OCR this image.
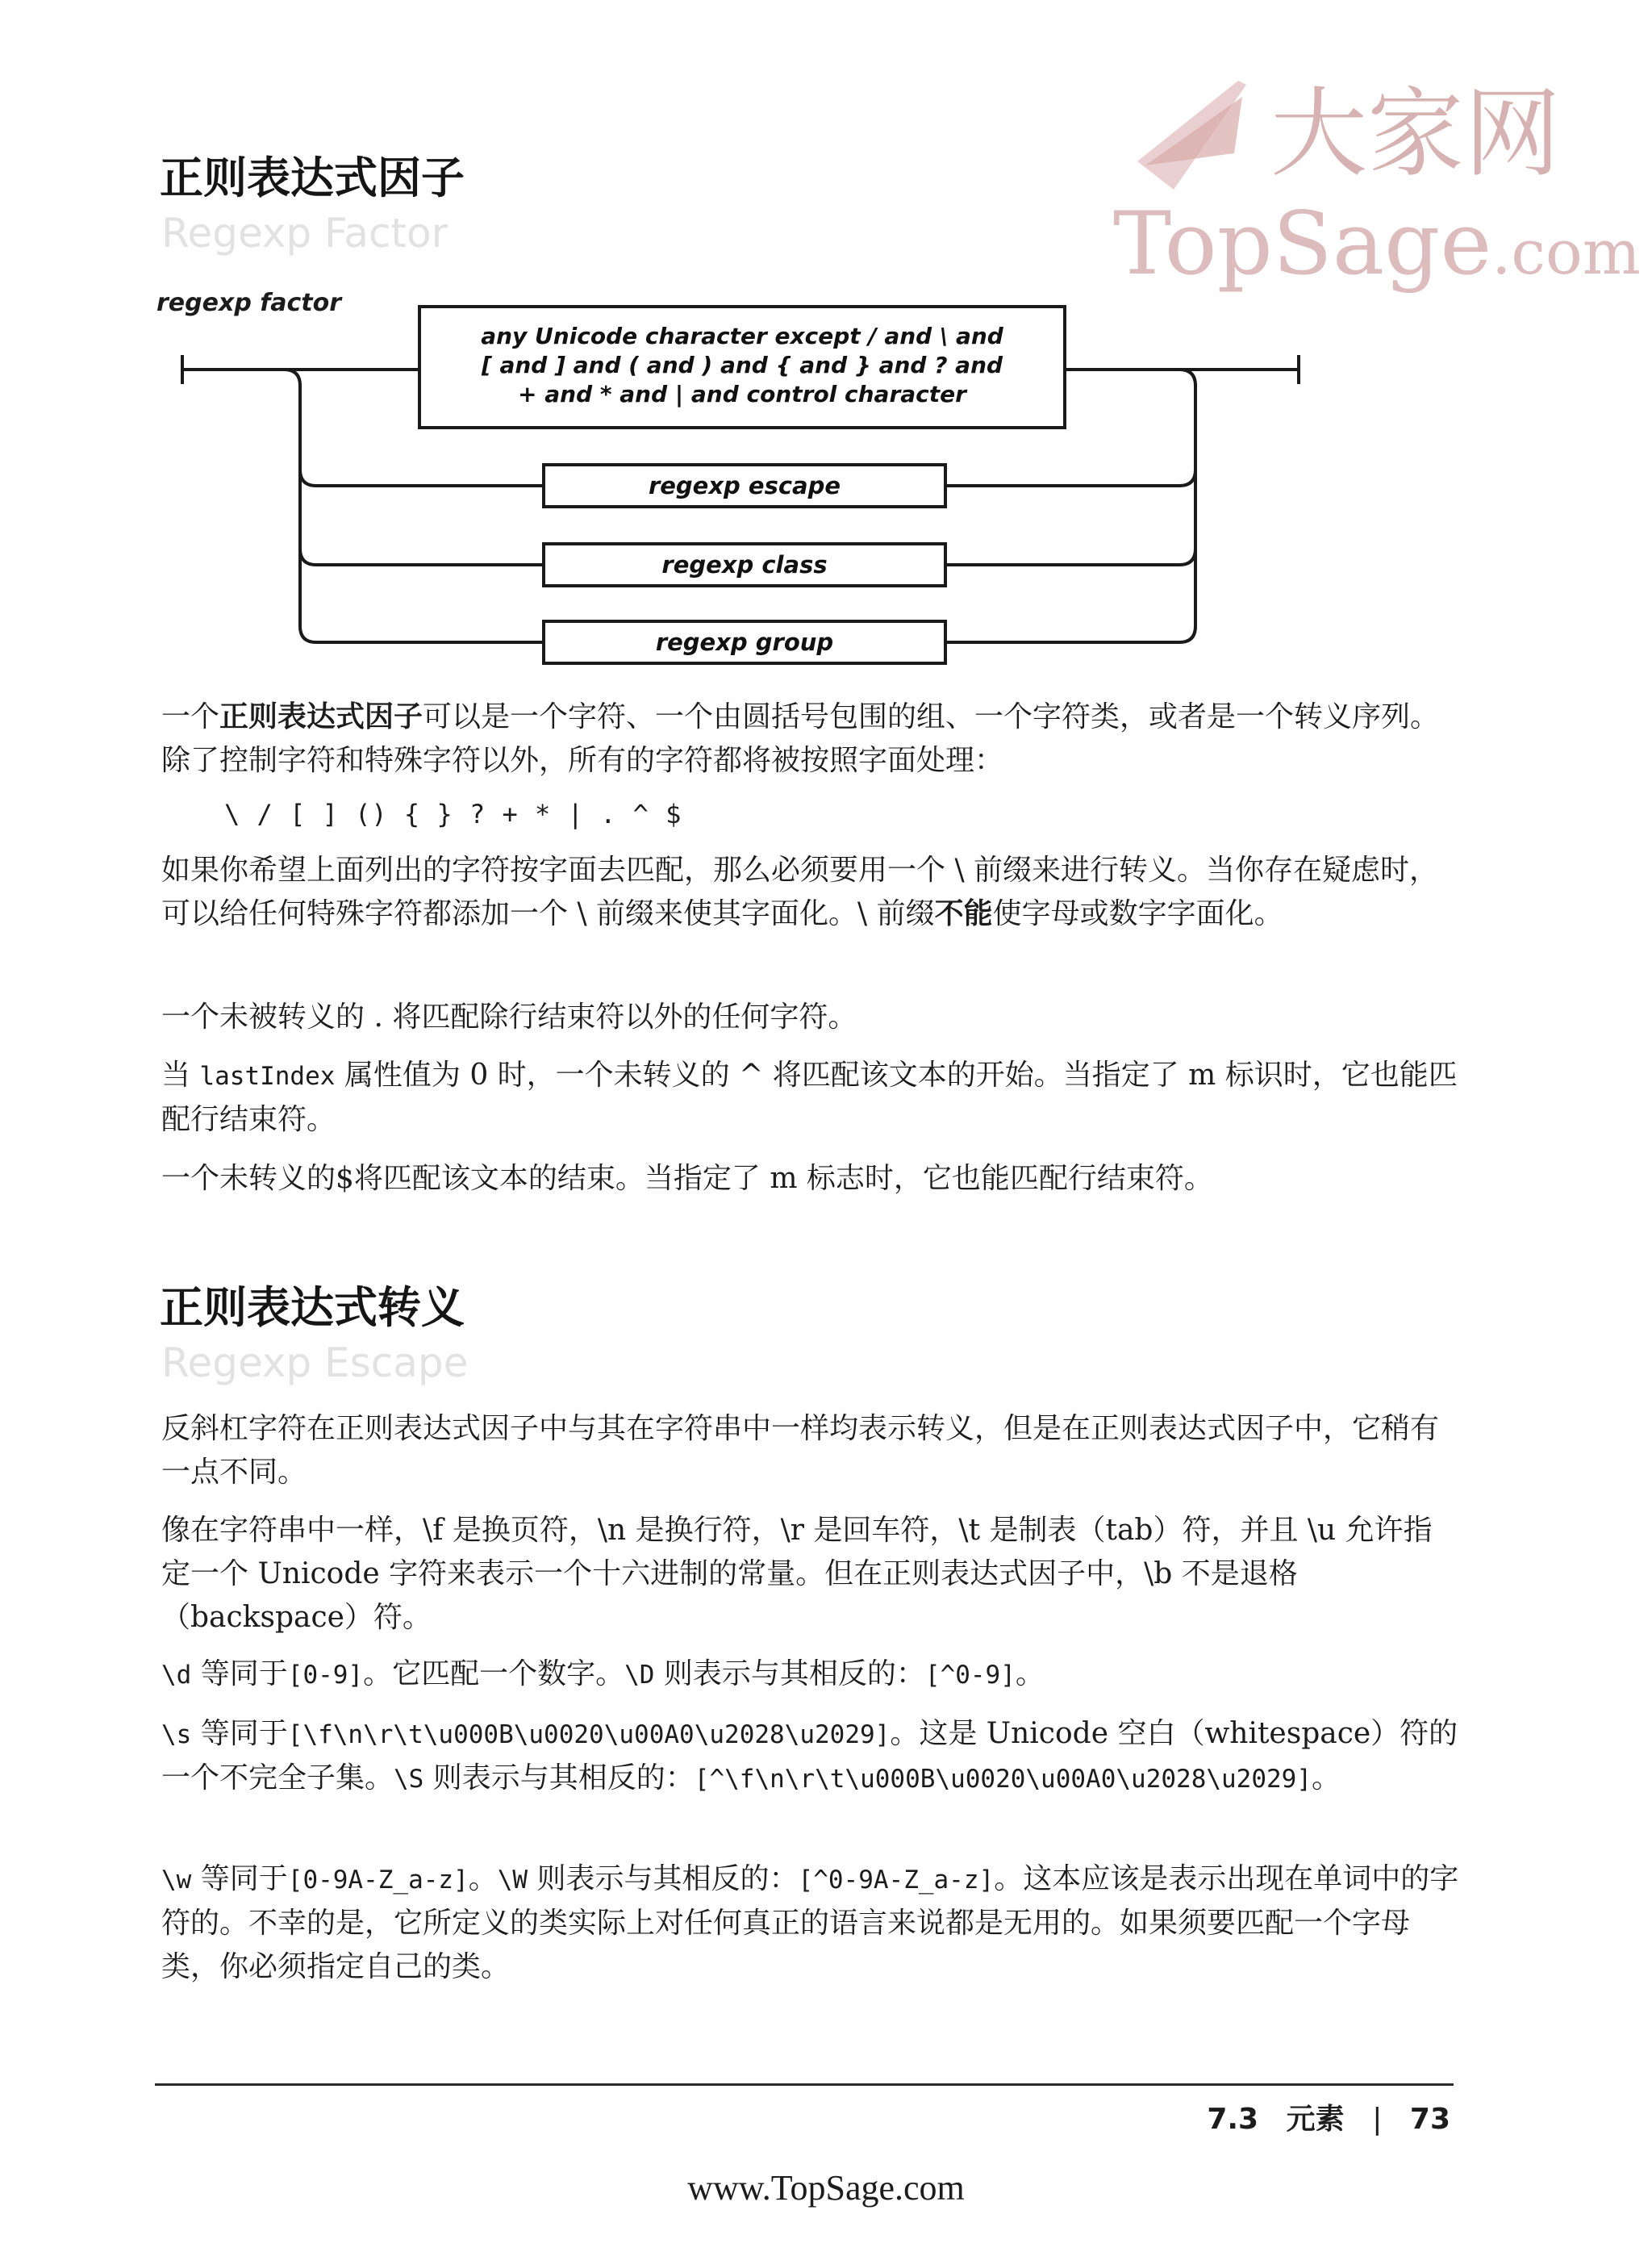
大家网
TopSage.com
正则表达式因子
Regexp Factor
regexp factor
any Unicode character except / and \ and
[ and ] and ( and ) and { and } and ? and
+ and * and | and control character
regexp escape
regexp class
regexp group
一个正则表达式因子可以是一个字符、一个由圆括号包围的组、一个字符类，或者是一个转义序列。除了控制字符和特殊字符以外，所有的字符都将被按照字面处理：
\ / [ ] () { } ? + * | . ^ $
如果你希望上面列出的字符按字面去匹配，那么必须要用一个 \ 前缀来进行转义。当你存在疑虑时，可以给任何特殊字符都添加一个 \ 前缀来使其字面化。\ 前缀不能使字母或数字字面化。
一个未被转义的 . 将匹配除行结束符以外的任何字符。
当 lastIndex 属性值为 0 时，一个未转义的 ^ 将匹配该文本的开始。当指定了 m 标识时，它也能匹配行结束符。
一个未转义的$将匹配该文本的结束。当指定了 m 标志时，它也能匹配行结束符。
正则表达式转义
Regexp Escape
反斜杠字符在正则表达式因子中与其在字符串中一样均表示转义，但是在正则表达式因子中，它稍有一点不同。
像在字符串中一样，\f 是换页符，\n 是换行符，\r 是回车符，\t 是制表（tab）符，并且 \u 允许指定一个 Unicode 字符来表示一个十六进制的常量。但在正则表达式因子中，\b 不是退格（backspace）符。
\d 等同于[0-9]。它匹配一个数字。\D 则表示与其相反的：[^0-9]。
\s 等同于[\f\n\r\t\u000B\u0020\u00A0\u2028\u2029]。这是 Unicode 空白（whitespace）符的一个不完全子集。\S 则表示与其相反的：[^\f\n\r\t\u000B\u0020\u00A0\u2028\u2029]。
\w 等同于[0-9A-Z_a-z]。\W 则表示与其相反的：[^0-9A-Z_a-z]。这本应该是表示出现在单词中的字符的。不幸的是，它所定义的类实际上对任何真正的语言来说都是无用的。如果须要匹配一个字母类，你必须指定自己的类。
7.3 元素 | 73
www.TopSage.com
